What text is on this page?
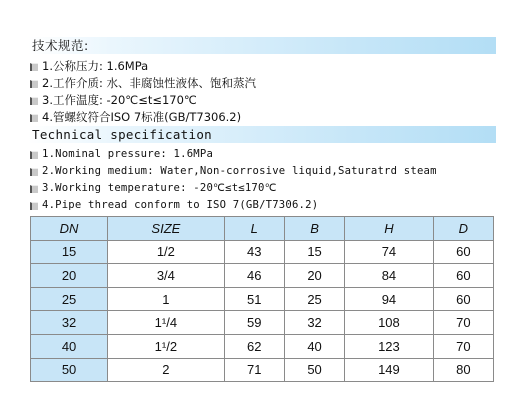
技术规范:
1.公称压力: 1.6MPa
2.工作介质: 水、非腐蚀性液体、饱和蒸汽
3.工作温度: -20℃≤t≤170℃
4.管螺纹符合ISO 7标准(GB/T7306.2)
Technical specification
1.Nominal pressure: 1.6MPa
2.Working medium: Water,Non-corrosive liquid,Saturatrd steam
3.Working temperature: -20℃≤t≤170℃
4.Pipe thread conform to ISO 7(GB/T7306.2)
DN	SIZE	L	B	H	D
15	1/2	43	15	74	60
20	3/4	46	20	84	60
25	1	51	25	94	60
32	1¹/4	59	32	108	70
40	1¹/2	62	40	123	70
50	2	71	50	149	80
